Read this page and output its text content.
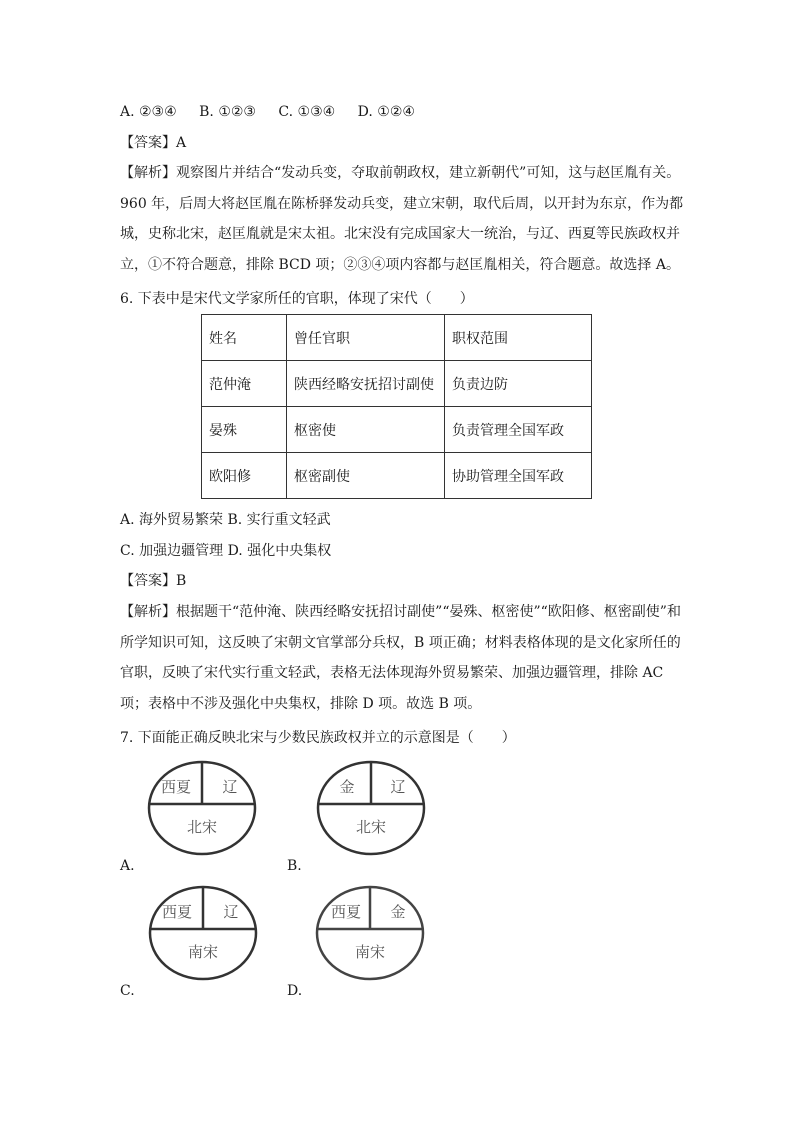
A. ②③④ B. ①②③ C. ①③④ D. ①②④
【答案】A

【解析】观察图片并结合“发动兵变，夺取前朝政权，建立新朝代”可知，这与赵匡胤有关。960 年，后周大将赵匡胤在陈桥驿发动兵变，建立宋朝，取代后周，以开封为东京，作为都城，史称北宋，赵匡胤就是宋太祖。北宋没有完成国家大一统治，与辽、西夏等民族政权并立，①不符合题意，排除 BCD 项；②③④项内容都与赵匡胤相关，符合题意。故选择 A。

6. 下表中是宋代文学家所任的官职，体现了宋代（　　）
姓名	曾任官职	职权范围
范仲淹	陕西经略安抚招讨副使	负责边防
晏殊	枢密使	负责管理全国军政
欧阳修	枢密副使	协助管理全国军政
A. 海外贸易繁荣 B. 实行重文轻武
C. 加强边疆管理 D. 强化中央集权
【答案】B

【解析】根据题干“范仲淹、陕西经略安抚招讨副使”“晏殊、枢密使”“欧阳修、枢密副使”和所学知识可知，这反映了宋朝文官掌部分兵权，B 项正确；材料表格体现的是文化家所任的官职，反映了宋代实行重文轻武，表格无法体现海外贸易繁荣、加强边疆管理，排除 AC 项；表格中不涉及强化中央集权，排除 D 项。故选 B 项。

7. 下面能正确反映北宋与少数民族政权并立的示意图是（　　）
西夏 辽
北宋
A.
金 辽
北宋
B.
西夏 辽
南宋
C.
西夏 金
南宋
D.
